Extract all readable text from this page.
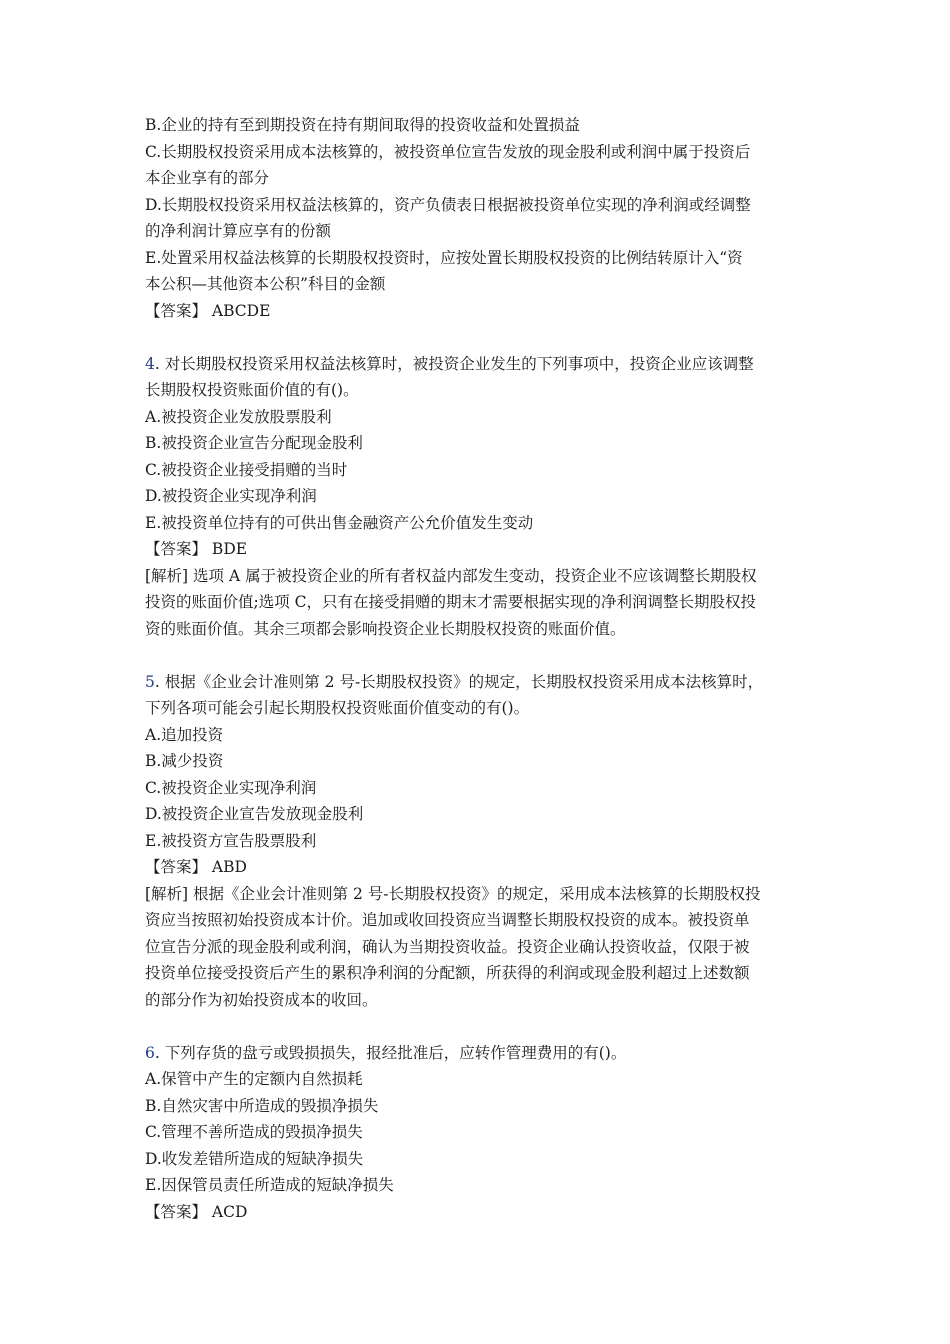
B.企业的持有至到期投资在持有期间取得的投资收益和处置损益
C.长期股权投资采用成本法核算的，被投资单位宣告发放的现金股利或利润中属于投资后
本企业享有的部分
D.长期股权投资采用权益法核算的，资产负债表日根据被投资单位实现的净利润或经调整
的净利润计算应享有的份额
E.处置采用权益法核算的长期股权投资时，应按处置长期股权投资的比例结转原计入“资
本公积—其他资本公积”科目的金额
【答案】 ABCDE
4. 对长期股权投资采用权益法核算时，被投资企业发生的下列事项中，投资企业应该调整
长期股权投资账面价值的有()。
A.被投资企业发放股票股利
B.被投资企业宣告分配现金股利
C.被投资企业接受捐赠的当时
D.被投资企业实现净利润
E.被投资单位持有的可供出售金融资产公允价值发生变动
【答案】 BDE
[解析] 选项 A 属于被投资企业的所有者权益内部发生变动，投资企业不应该调整长期股权
投资的账面价值;选项 C，只有在接受捐赠的期末才需要根据实现的净利润调整长期股权投
资的账面价值。其余三项都会影响投资企业长期股权投资的账面价值。
5. 根据《企业会计准则第 2 号-长期股权投资》的规定，长期股权投资采用成本法核算时，
下列各项可能会引起长期股权投资账面价值变动的有()。
A.追加投资
B.减少投资
C.被投资企业实现净利润
D.被投资企业宣告发放现金股利
E.被投资方宣告股票股利
【答案】 ABD
[解析] 根据《企业会计准则第 2 号-长期股权投资》的规定，采用成本法核算的长期股权投
资应当按照初始投资成本计价。追加或收回投资应当调整长期股权投资的成本。被投资单
位宣告分派的现金股利或利润，确认为当期投资收益。投资企业确认投资收益，仅限于被
投资单位接受投资后产生的累积净利润的分配额，所获得的利润或现金股利超过上述数额
的部分作为初始投资成本的收回。
6. 下列存货的盘亏或毁损损失，报经批准后，应转作管理费用的有()。
A.保管中产生的定额内自然损耗
B.自然灾害中所造成的毁损净损失
C.管理不善所造成的毁损净损失
D.收发差错所造成的短缺净损失
E.因保管员责任所造成的短缺净损失
【答案】 ACD
